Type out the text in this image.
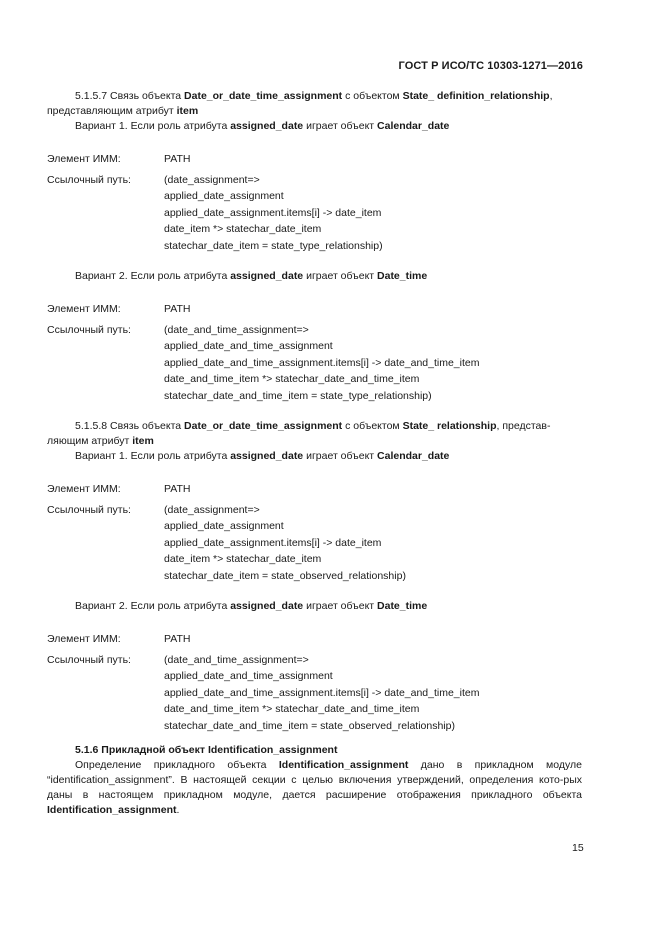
ГОСТ Р ИСО/ТС 10303-1271—2016

5.1.5.7 Связь объекта Date_or_date_time_assignment с объектом State_ definition_relationship,

представляющим атрибут item

Вариант 1. Если роль атрибута assigned_date играет объект Calendar_date

Элемент ИММ:	PATH
Ссылочный путь:	(date_assignment=>
applied_date_assignment
applied_date_assignment.items[i] -> date_item
date_item *> statechar_date_item
statechar_date_item = state_type_relationship)

Вариант 2. Если роль атрибута assigned_date играет объект Date_time

Элемент ИММ:	PATH
Ссылочный путь:	(date_and_time_assignment=>
applied_date_and_time_assignment
applied_date_and_time_assignment.items[i] -> date_and_time_item
date_and_time_item *> statechar_date_and_time_item
statechar_date_and_time_item = state_type_relationship)

5.1.5.8 Связь объекта Date_or_date_time_assignment с объектом State_ relationship, представ-

ляющим атрибут item

Вариант 1. Если роль атрибута assigned_date играет объект Calendar_date

Элемент ИММ:	PATH
Ссылочный путь:	(date_assignment=>
applied_date_assignment
applied_date_assignment.items[i] -> date_item
date_item *> statechar_date_item
statechar_date_item = state_observed_relationship)

Вариант 2. Если роль атрибута assigned_date играет объект Date_time

Элемент ИММ:	PATH
Ссылочный путь:	(date_and_time_assignment=>
applied_date_and_time_assignment
applied_date_and_time_assignment.items[i] -> date_and_time_item
date_and_time_item *> statechar_date_and_time_item
statechar_date_and_time_item = state_observed_relationship)

5.1.6 Прикладной объект Identification_assignment

Определение прикладного объекта Identification_assignment дано в прикладном модуле “identification_assignment”. В настоящей секции с целью включения утверждений, определения кото-рых даны в настоящем прикладном модуле, дается расширение отображения прикладного объекта Identification_assignment.

15
